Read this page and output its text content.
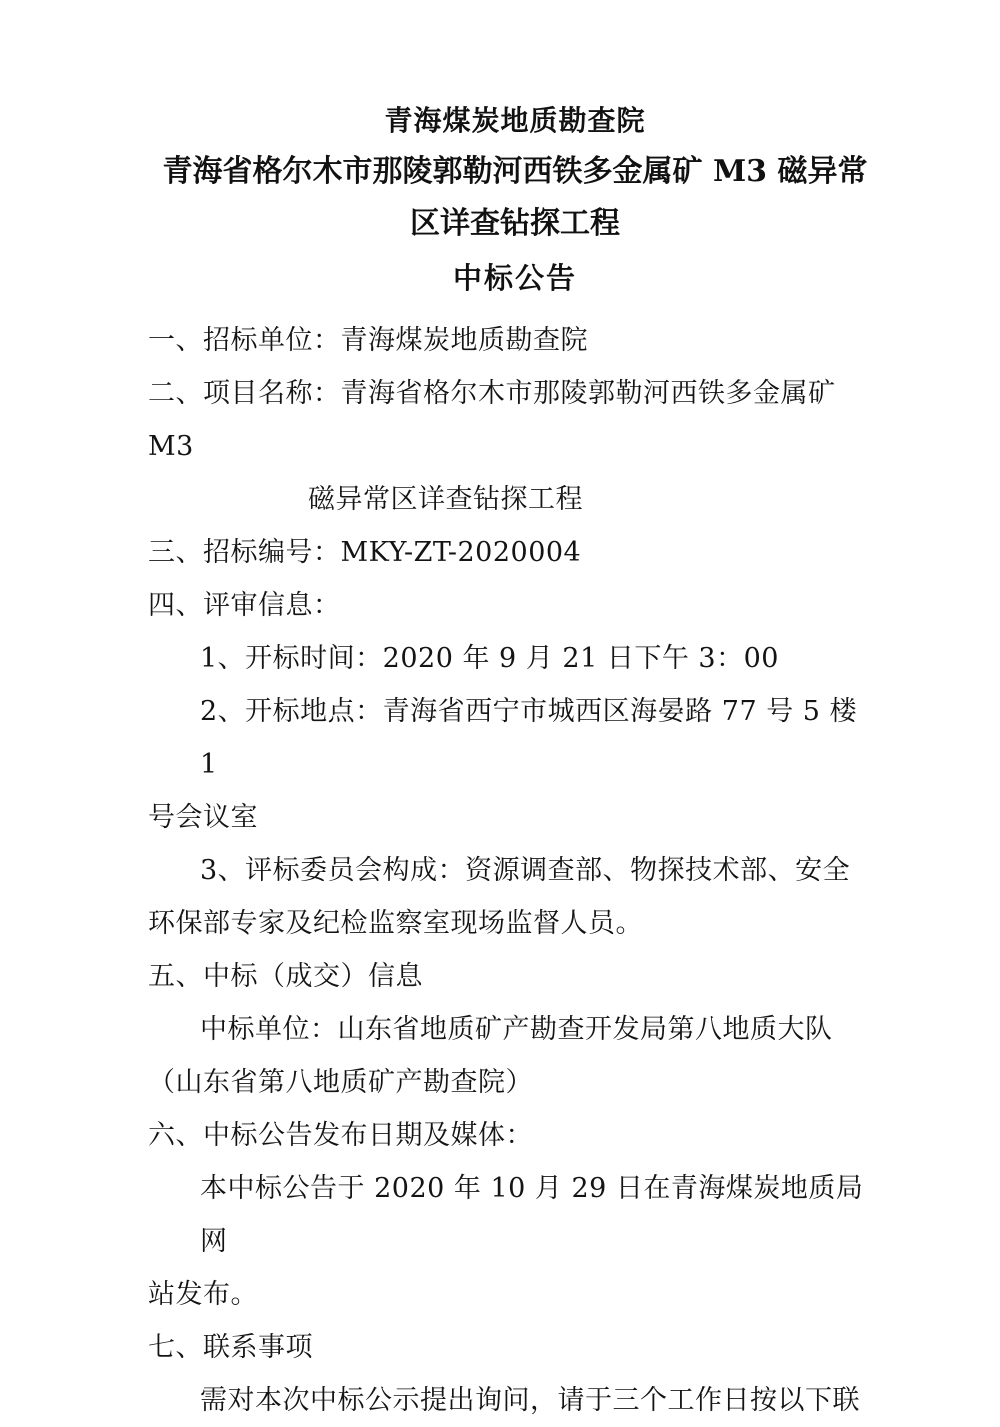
青海煤炭地质勘查院
青海省格尔木市那陵郭勒河西铁多金属矿 M3 磁异常
区详查钻探工程
中标公告

一、招标单位：青海煤炭地质勘查院

二、项目名称：青海省格尔木市那陵郭勒河西铁多金属矿 M3

磁异常区详查钻探工程

三、招标编号：MKY-ZT-2020004

四、评审信息：

1、开标时间：2020 年 9 月 21 日下午 3：00

2、开标地点：青海省西宁市城西区海晏路 77 号 5 楼 1

号会议室

3、评标委员会构成：资源调查部、物探技术部、安全

环保部专家及纪检监察室现场监督人员。

五、中标（成交）信息

中标单位：山东省地质矿产勘查开发局第八地质大队

（山东省第八地质矿产勘查院）

六、中标公告发布日期及媒体：

本中标公告于 2020 年 10 月 29 日在青海煤炭地质局网

站发布。

七、联系事项

需对本次中标公示提出询问，请于三个工作日按以下联
